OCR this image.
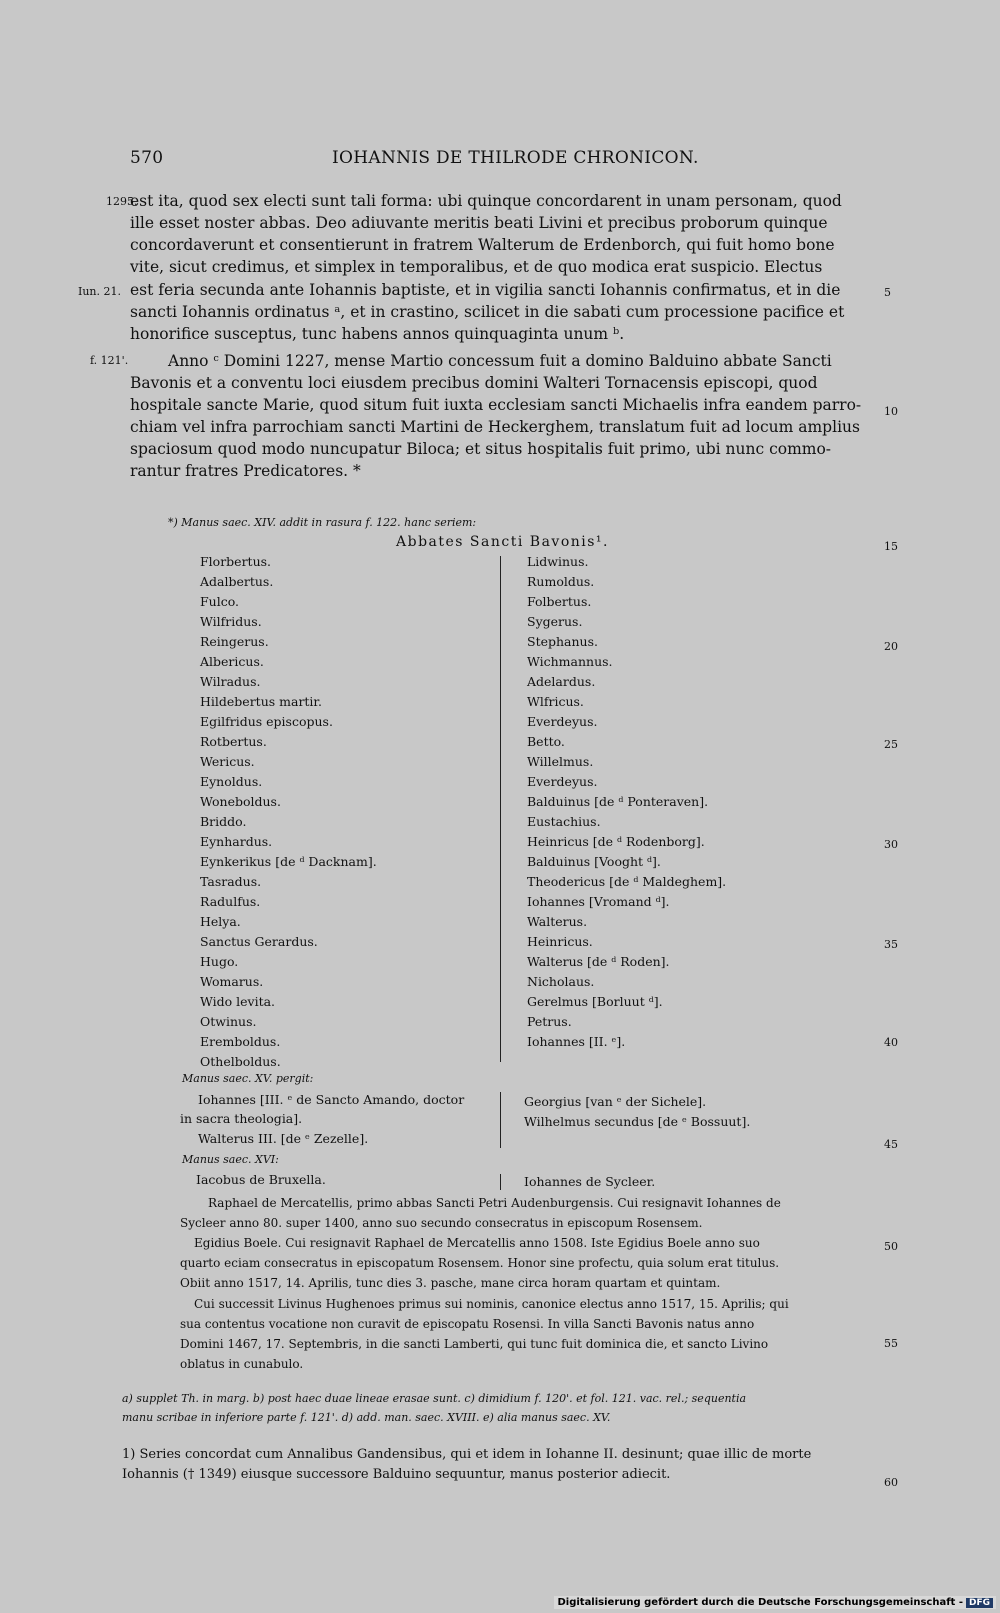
570	IOHANNIS DE THILRODE CHRONICON.
1295.
Iun. 21.
f. 121'.
est ita, quod sex electi sunt tali forma: ubi quinque concordarent in unam personam, quod
ille esset noster abbas. Deo adiuvante meritis beati Livini et precibus proborum quinque
concordaverunt et consentierunt in fratrem Walterum de Erdenborch, qui fuit homo bone
vite, sicut credimus, et simplex in temporalibus, et de quo modica erat suspicio. Electus
est feria secunda ante Iohannis baptiste, et in vigilia sancti Iohannis confirmatus, et in die
sancti Iohannis ordinatus ᵃ, et in crastino, scilicet in die sabati cum processione pacifice et
honorifice susceptus, tunc habens annos quinquaginta unum ᵇ.
Anno ᶜ Domini 1227, mense Martio concessum fuit a domino Balduino abbate Sancti
Bavonis et a conventu loci eiusdem precibus domini Walteri Tornacensis episcopi, quod
hospitale sancte Marie, quod situm fuit iuxta ecclesiam sancti Michaelis infra eandem parro-
chiam vel infra parrochiam sancti Martini de Heckerghem, translatum fuit ad locum amplius
spaciosum quod modo nuncupatur Biloca; et situs hospitalis fuit primo, ubi nunc commo-
rantur fratres Predicatores. *
5
10
15
20
25
30
35
40
45
50
55
60
*) Manus saec. XIV. addit in rasura f. 122. hanc seriem:
Abbates Sancti Bavonis¹.
Florbertus.
Adalbertus.
Fulco.
Wilfridus.
Reingerus.
Albericus.
Wilradus.
Hildebertus martir.
Egilfridus episcopus.
Rotbertus.
Wericus.
Eynoldus.
Woneboldus.
Briddo.
Eynhardus.
Eynkerikus [de ᵈ Dacknam].
Tasradus.
Radulfus.
Helya.
Sanctus Gerardus.
Hugo.
Womarus.
Wido levita.
Otwinus.
Eremboldus.
Othelboldus.
Lidwinus.
Rumoldus.
Folbertus.
Sygerus.
Stephanus.
Wichmannus.
Adelardus.
Wlfricus.
Everdeyus.
Betto.
Willelmus.
Everdeyus.
Balduinus [de ᵈ Ponteraven].
Eustachius.
Heinricus [de ᵈ Rodenborg].
Balduinus [Vooght ᵈ].
Theodericus [de ᵈ Maldeghem].
Iohannes [Vromand ᵈ].
Walterus.
Heinricus.
Walterus [de ᵈ Roden].
Nicholaus.
Gerelmus [Borluut ᵈ].
Petrus.
Iohannes [II. ᵉ].
Manus saec. XV. pergit:
Iohannes [III. ᵉ de Sancto Amando, doctor
in sacra theologia].
Walterus III. [de ᵉ Zezelle].
Georgius [van ᵉ der Sichele].
Wilhelmus secundus [de ᵉ Bossuut].
Manus saec. XVI:
Iacobus de Bruxella.	Iohannes de Sycleer.
Raphael de Mercatellis, primo abbas Sancti Petri Audenburgensis. Cui resignavit Iohannes de
Sycleer anno 80. super 1400, anno suo secundo consecratus in episcopum Rosensem.
Egidius Boele. Cui resignavit Raphael de Mercatellis anno 1508. Iste Egidius Boele anno suo
quarto eciam consecratus in episcopatum Rosensem. Honor sine profectu, quia solum erat titulus.
Obiit anno 1517, 14. Aprilis, tunc dies 3. pasche, mane circa horam quartam et quintam.
Cui successit Livinus Hughenoes primus sui nominis, canonice electus anno 1517, 15. Aprilis; qui
sua contentus vocatione non curavit de episcopatu Rosensi. In villa Sancti Bavonis natus anno
Domini 1467, 17. Septembris, in die sancti Lamberti, qui tunc fuit dominica die, et sancto Livino
oblatus in cunabulo.
a) supplet Th. in marg. b) post haec duae lineae erasae sunt. c) dimidium f. 120'. et fol. 121. vac. rel.; sequentia
manu scribae in inferiore parte f. 121'. d) add. man. saec. XVIII. e) alia manus saec. XV.
1) Series concordat cum Annalibus Gandensibus, qui et idem in Iohanne II. desinunt; quae illic de morte
Iohannis († 1349) eiusque successore Balduino sequuntur, manus posterior adiecit.
Digitalisierung gefördert durch die Deutsche Forschungsgemeinschaft - DFG
